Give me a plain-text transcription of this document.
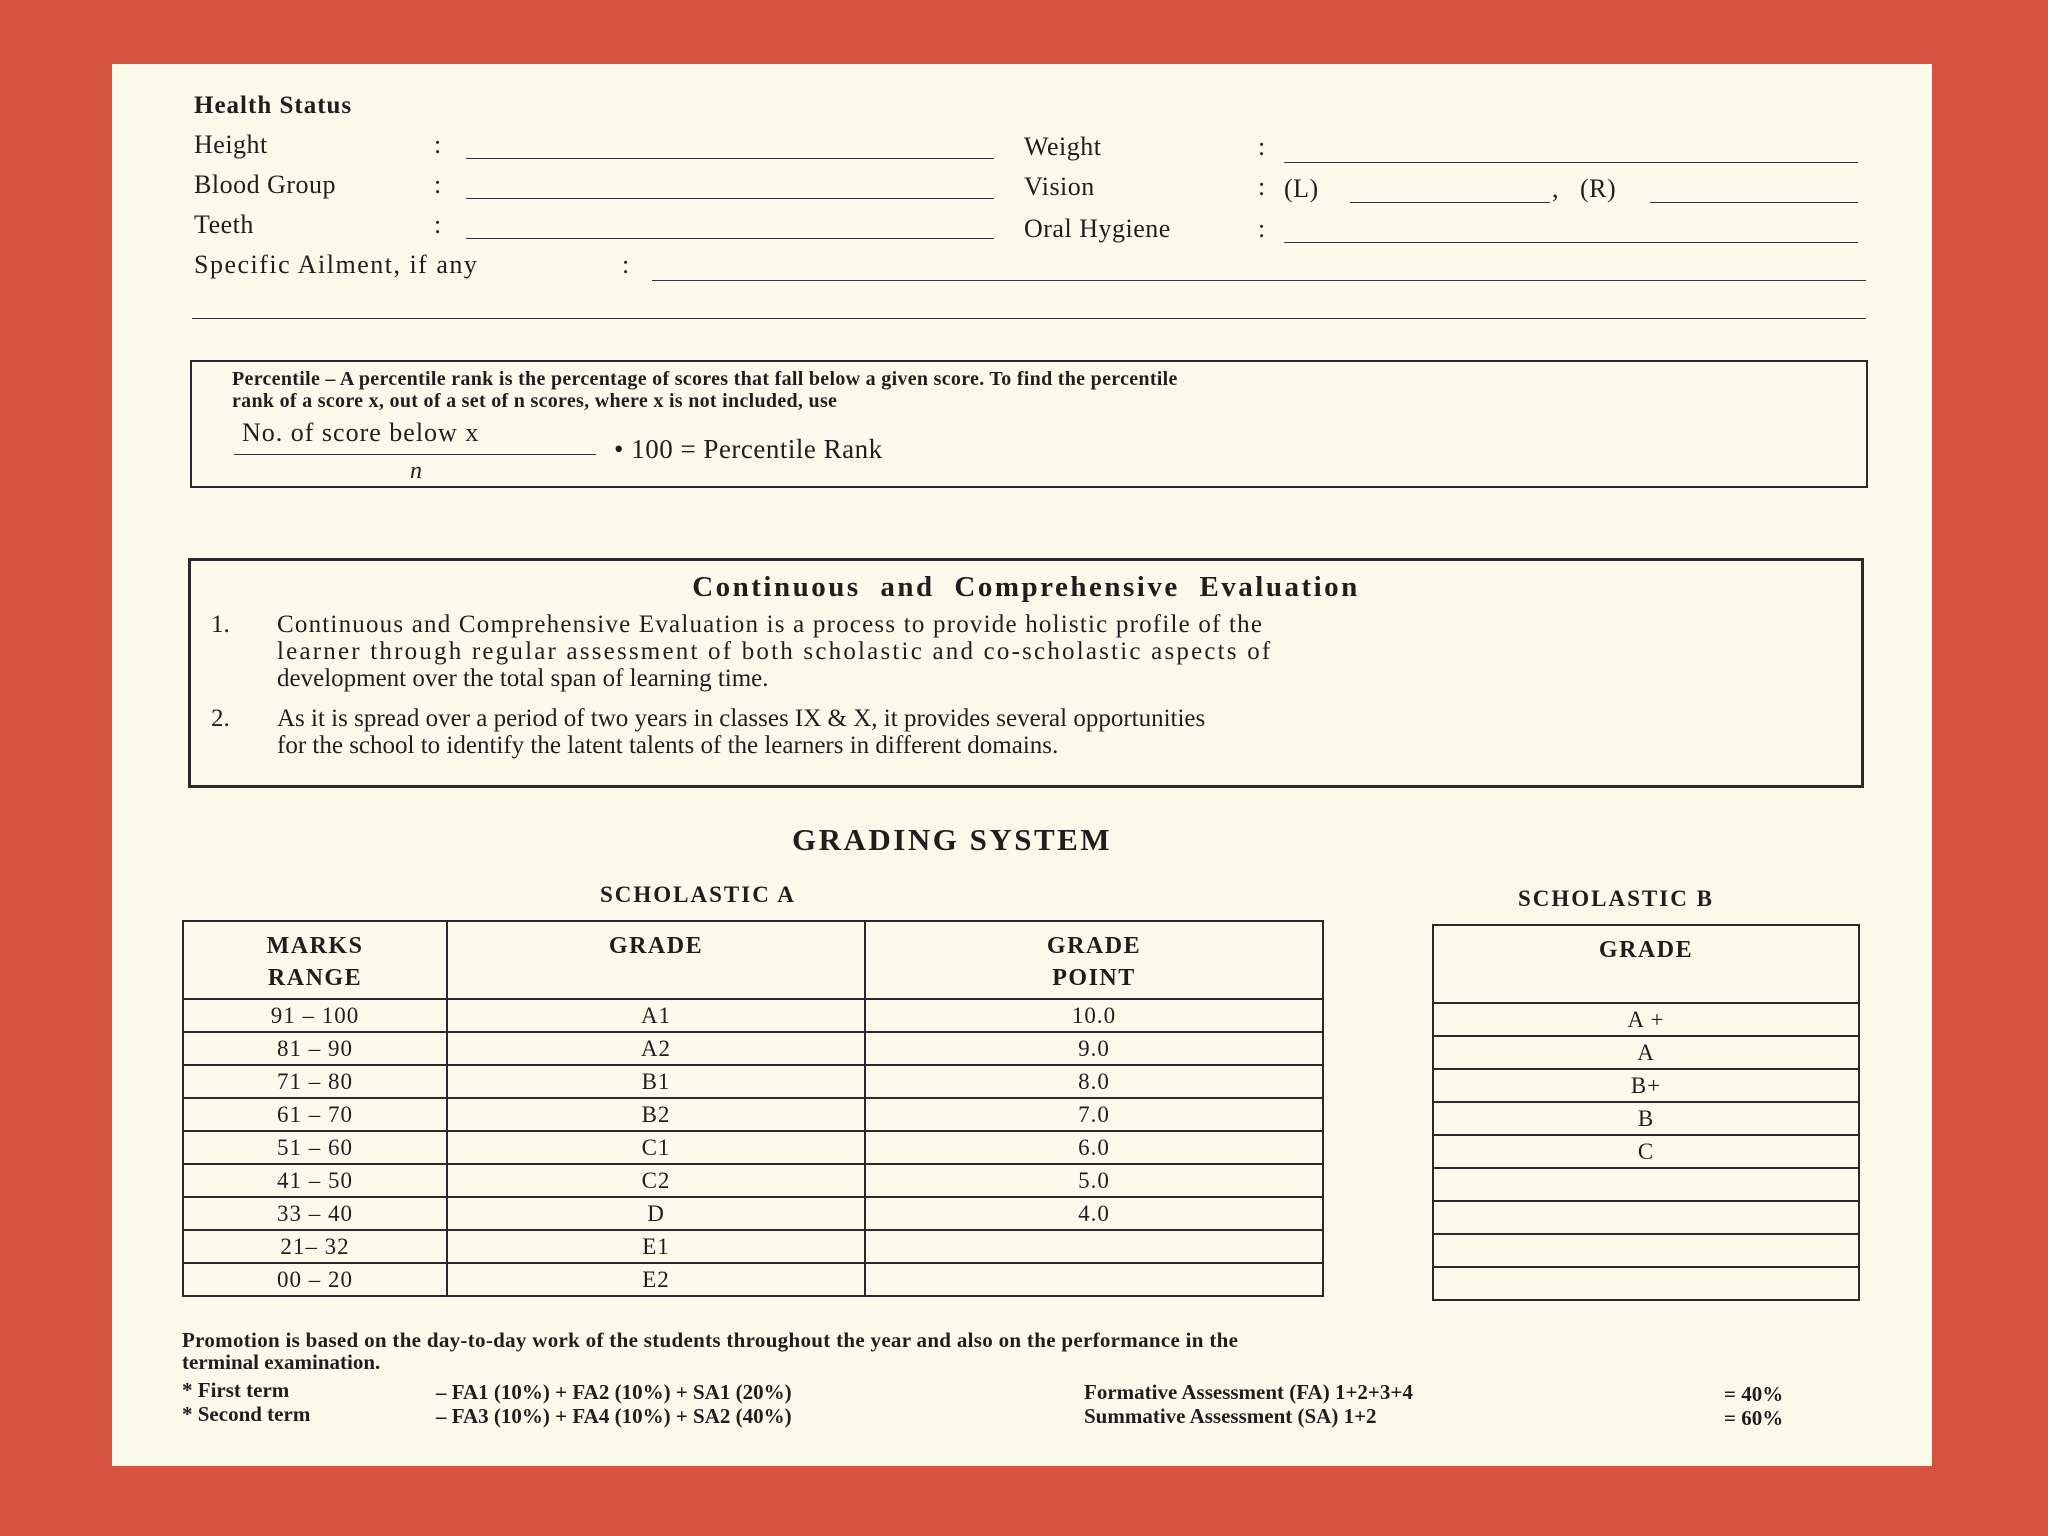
Health Status
Height	:	Weight	:
Blood Group	:	Vision	: (L)	, (R)
Teeth	:	Oral Hygiene	:
Specific Ailment, if any	:
Percentile – A percentile rank is the percentage of scores that fall below a given score. To find the percentile
rank of a score x, out of a set of n scores, where x is not included, use
No. of score below x
n
• 100 = Percentile Rank
Continuous and Comprehensive Evaluation
1. Continuous and Comprehensive Evaluation is a process to provide holistic profile of the
learner through regular assessment of both scholastic and co-scholastic aspects of
development over the total span of learning time.
2. As it is spread over a period of two years in classes IX & X, it provides several opportunities
for the school to identify the latent talents of the learners in different domains.
GRADING SYSTEM
SCHOLASTIC A	SCHOLASTIC B
MARKS
RANGE	GRADE	GRADE
POINT
91 – 100	A1	10.0
81 – 90	A2	9.0
71 – 80	B1	8.0
61 – 70	B2	7.0
51 – 60	C1	6.0
41 – 50	C2	5.0
33 – 40	D	4.0
21– 32	E1	
00 – 20	E2	
GRADE
A +
A
B+
B
C

Promotion is based on the day-to-day work of the students throughout the year and also on the performance in the
terminal examination.
* First term	– FA1 (10%) + FA2 (10%) + SA1 (20%)	Formative Assessment (FA) 1+2+3+4	= 40%
* Second term	– FA3 (10%) + FA4 (10%) + SA2 (40%)	Summative Assessment (SA) 1+2	= 60%
